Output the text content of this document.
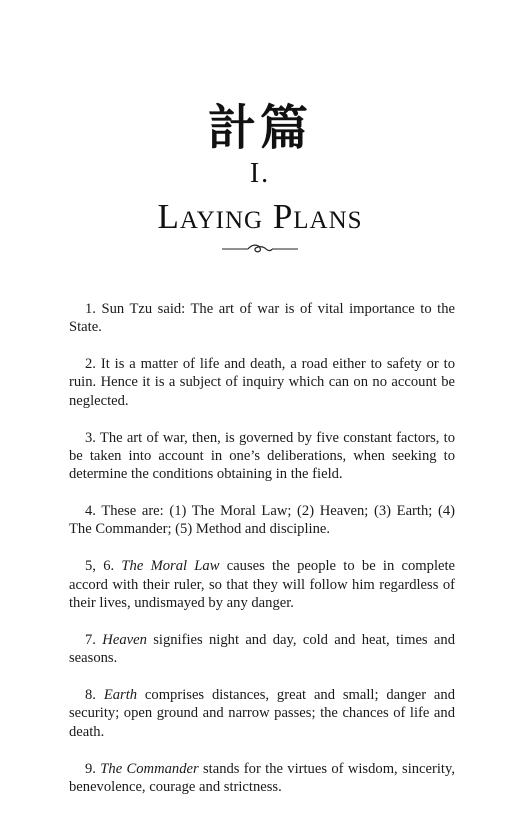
計篇
I.
Laying Plans

1. Sun Tzu said: The art of war is of vital importance to the State.

2. It is a matter of life and death, a road either to safety or to ruin. Hence it is a subject of inquiry which can on no account be neglected.

3. The art of war, then, is governed by five constant factors, to be taken into account in one’s deliberations, when seeking to determine the conditions obtaining in the field.

4. These are: (1) The Moral Law; (2) Heaven; (3) Earth; (4) The Commander; (5) Method and discipline.

5, 6. The Moral Law causes the people to be in complete accord with their ruler, so that they will follow him regardless of their lives, undismayed by any danger.

7. Heaven signifies night and day, cold and heat, times and seasons.

8. Earth comprises distances, great and small; danger and security; open ground and narrow passes; the chances of life and death.

9. The Commander stands for the virtues of wisdom, sincerity, benevolence, courage and strictness.
